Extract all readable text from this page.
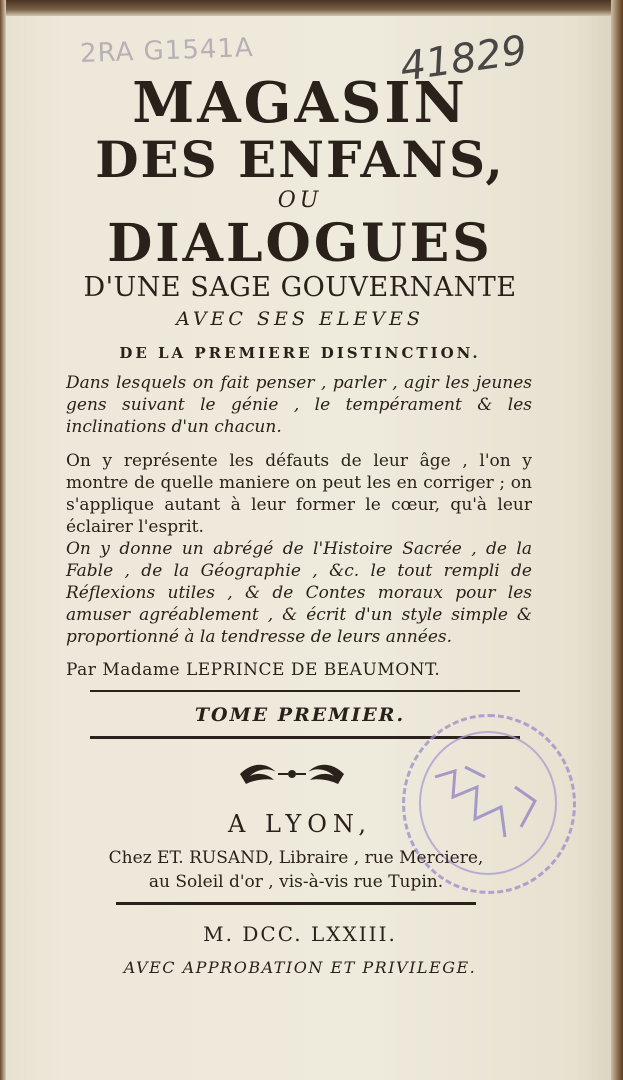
2RA G1541A	41829
MAGASIN
DES ENFANS,
OU
DIALOGUES
D'UNE SAGE GOUVERNANTE
AVEC SES ELEVES
DE LA PREMIERE DISTINCTION.
Dans lesquels on fait penser , parler , agir les jeunes gens suivant le génie , le tempérament & les inclinations d'un chacun.
On y représente les défauts de leur âge , l'on y montre de quelle maniere on peut les en corriger ; on s'applique autant à leur former le cœur, qu'à leur éclairer l'esprit.
On y donne un abrégé de l'Histoire Sacrée , de la Fable , de la Géographie , &c. le tout rempli de Réflexions utiles , & de Contes moraux pour les amuser agréablement , & écrit d'un style simple & proportionné à la tendresse de leurs années.
Par Madame LEPRINCE DE BEAUMONT.
TOME PREMIER.
A LYON,
Chez ET. RUSAND, Libraire , rue Merciere,
au Soleil d'or , vis-à-vis rue Tupin.
M. DCC. LXXIII.
AVEC APPROBATION ET PRIVILEGE.
